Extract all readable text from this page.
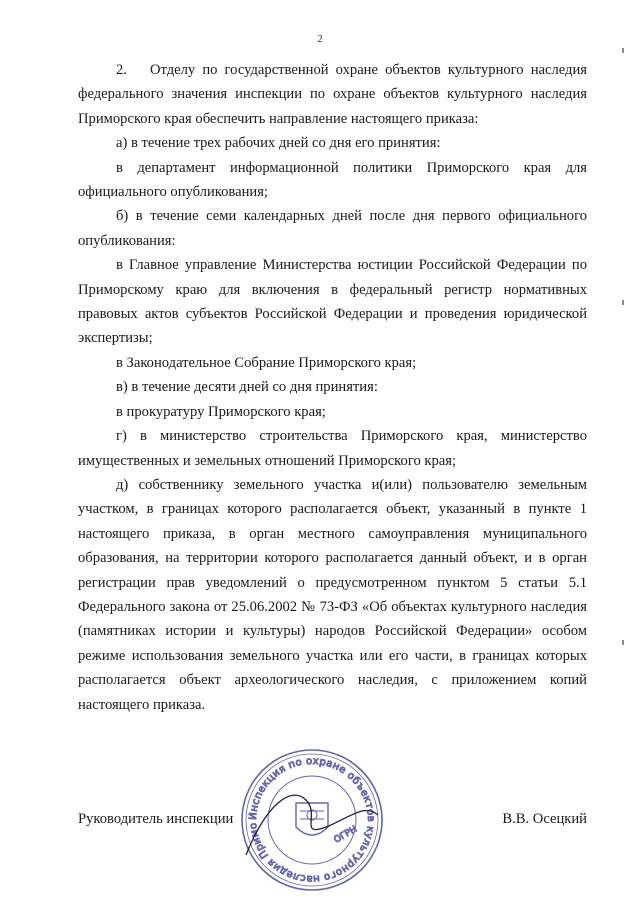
2

2. Отделу по государственной охране объектов культурного наследия федерального значения инспекции по охране объектов культурного наследия Приморского края обеспечить направление настоящего приказа:

а) в течение трех рабочих дней со дня его принятия:

в департамент информационной политики Приморского края для официального опубликования;

б) в течение семи календарных дней после дня первого официального опубликования:

в Главное управление Министерства юстиции Российской Федерации по Приморскому краю для включения в федеральный регистр нормативных правовых актов субъектов Российской Федерации и проведения юридической экспертизы;

в Законодательное Собрание Приморского края;

в) в течение десяти дней со дня принятия:

в прокуратуру Приморского края;

г) в министерство строительства Приморского края, министерство имущественных и земельных отношений Приморского края;

д) собственнику земельного участка и(или) пользователю земельным участком, в границах которого располагается объект, указанный в пункте 1 настоящего приказа, в орган местного самоуправления муниципального образования, на территории которого располагается данный объект, и в орган регистрации прав уведомлений о предусмотренном пунктом 5 статьи 5.1 Федерального закона от 25.06.2002 № 73-ФЗ «Об объектах культурного наследия (памятниках истории и культуры) народов Российской Федерации» особом режиме использования земельного участка или его части, в границах которых располагается объект археологического наследия, с приложением копий настоящего приказа.

Руководитель инспекции	В.В. Осецкий
Инспекция по охране объектов культурного наследия Примо	ОГРН
